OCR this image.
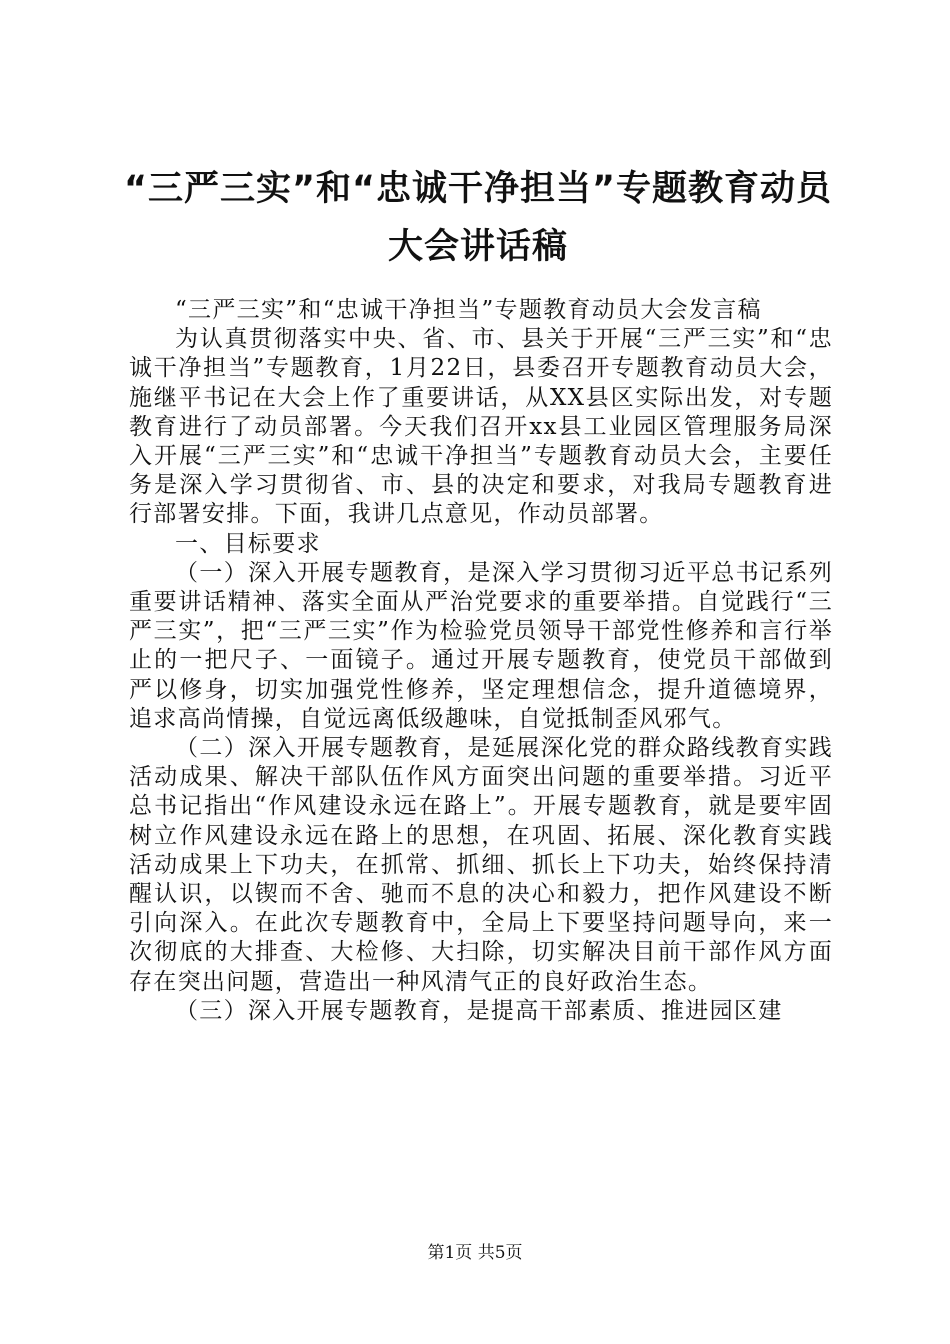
“三严三实”和“忠诚干净担当”专题教育动员大会讲话稿

“三严三实”和“忠诚干净担当”专题教育动员大会发言稿

为认真贯彻落实中央、省、市、县关于开展“三严三实”和“忠诚干净担当”专题教育，1月22日，县委召开专题教育动员大会，施继平书记在大会上作了重要讲话，从XX县区实际出发，对专题教育进行了动员部署。今天我们召开xx县工业园区管理服务局深入开展“三严三实”和“忠诚干净担当”专题教育动员大会，主要任务是深入学习贯彻省、市、县的决定和要求，对我局专题教育进行部署安排。下面，我讲几点意见，作动员部署。

一、目标要求

（一）深入开展专题教育，是深入学习贯彻习近平总书记系列重要讲话精神、落实全面从严治党要求的重要举措。自觉践行“三严三实”，把“三严三实”作为检验党员领导干部党性修养和言行举止的一把尺子、一面镜子。通过开展专题教育，使党员干部做到严以修身，切实加强党性修养，坚定理想信念，提升道德境界，追求高尚情操，自觉远离低级趣味，自觉抵制歪风邪气。

（二）深入开展专题教育，是延展深化党的群众路线教育实践活动成果、解决干部队伍作风方面突出问题的重要举措。习近平总书记指出“作风建设永远在路上”。开展专题教育，就是要牢固树立作风建设永远在路上的思想，在巩固、拓展、深化教育实践活动成果上下功夫，在抓常、抓细、抓长上下功夫，始终保持清醒认识，以锲而不舍、驰而不息的决心和毅力，把作风建设不断引向深入。在此次专题教育中，全局上下要坚持问题导向，来一次彻底的大排查、大检修、大扫除，切实解决目前干部作风方面存在突出问题，营造出一种风清气正的良好政治生态。

（三）深入开展专题教育，是提高干部素质、推进园区建

第1页 共5页
